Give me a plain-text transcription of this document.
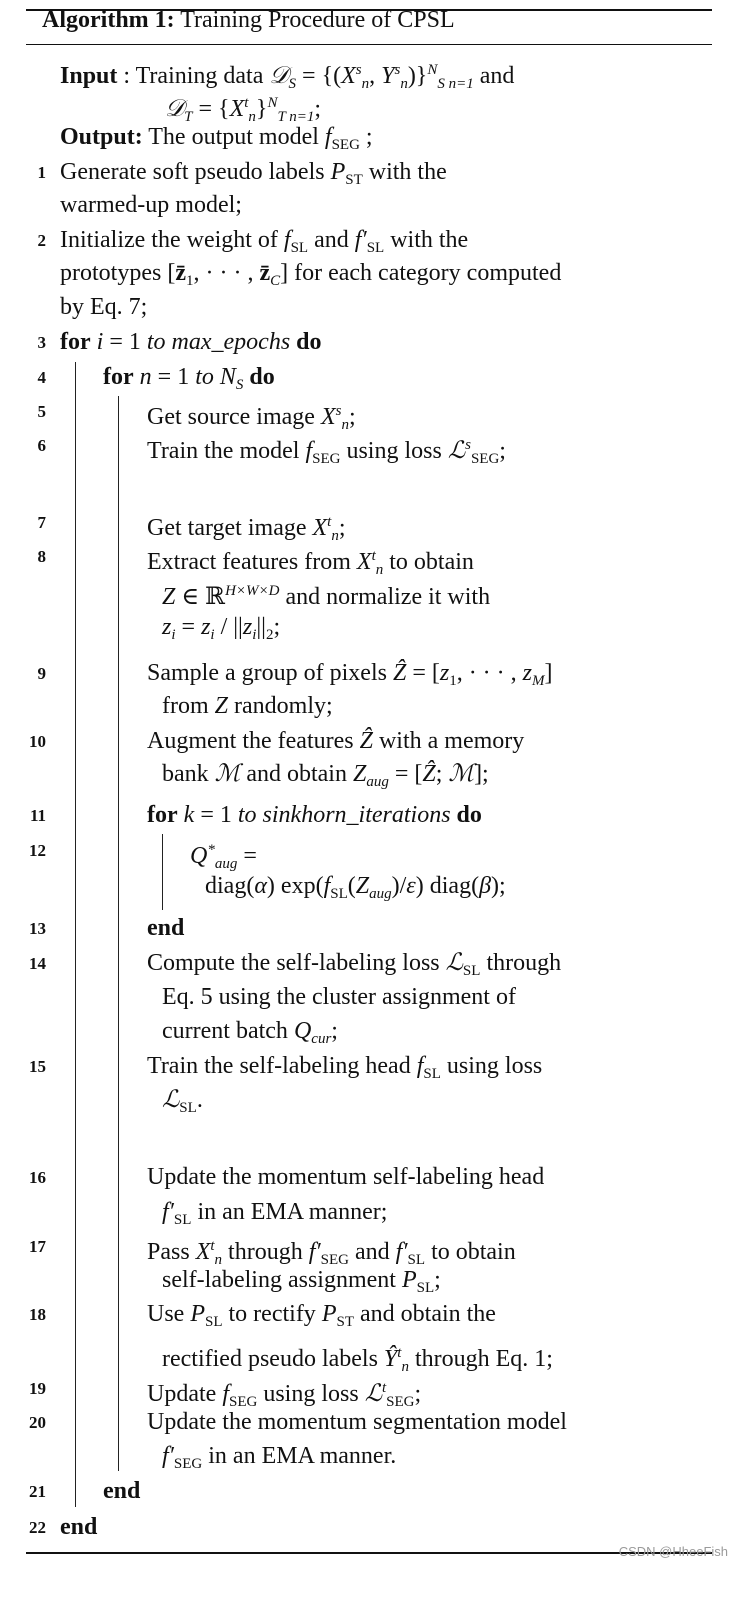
Algorithm 1: Training Procedure of CPSL
Input : Training data 𝒟$_S$ = {($X^s_n$, $Y^s_n)\}^N_{S n=1}$ and
𝒟$_T$ = $\{X^t_n\}^N_{T n=1}$;
Output: The output model $f_{SEG}$ ;
1 Generate soft pseudo labels $P_{ST}$ with the
warmed-up model;
2 Initialize the weight of $f_{SL}$ and $f'_{SL}$ with the
prototypes [$z̄_1$, · · · , $z̄_C$] for each category computed
by Eq. 7;
3 for i = 1 to max_epochs do
4 for n = 1 to $N_S$ do
5	Get source image $X^s_n$;
6	Train the model $f_{SEG}$ using loss ℒ$^s_{SEG}$;
7	Get target image $X^t_n$;
8	Extract features from $X^t_n$ to obtain
Z ∈ ℝ$^{H\times W\times D}$ and normalize it with
$z_i = z_i / ||z_i||_2$;
9	Sample a group of pixels Ẑ = [$z_1$, · · · , $z_M$]
from Z randomly;
10	Augment the features Ẑ with a memory
bank ℳ and obtain $Z_{aug}$ = [Ẑ; ℳ];
11	for k = 1 to sinkhorn_iterations do
12	$Q^*_{aug}$ =
diag(α) $\exp(f_{SL}(Z_{aug})/\varepsilon)$ diag(β);
13	end
14	Compute the self-labeling loss ℒ$_{SL}$ through
Eq. 5 using the cluster assignment of
current batch $Q_{cur}$;
15	Train the self-labeling head $f_{SL}$ using loss
ℒ$_{SL}$.
16	Update the momentum self-labeling head
$f'_{SL}$ in an EMA manner;
17	Pass $X^t_n$ through $f'_{SEG}$ and $f'_{SL}$ to obtain
self-labeling assignment $P_{SL}$;
18	Use $P_{SL}$ to rectify $P_{ST}$ and obtain the
rectified pseudo labels $Ŷ^t_n$ through Eq. 1;
19	Update $f_{SEG}$ using loss ℒ$^t_{SEG}$;
20	Update the momentum segmentation model
$f'_{SEG}$ in an EMA manner.
21 end
22 end
CSDN @HheeFish
